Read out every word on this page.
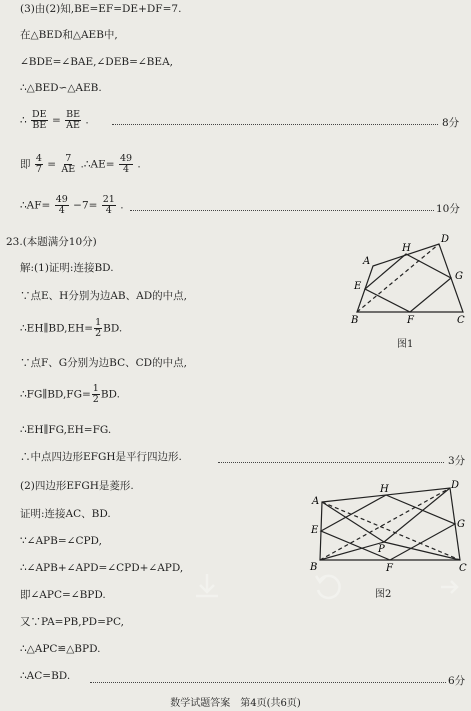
(3)由(2)知,BE=EF=DE+DF=7.
在△BED和△AEB中,
∠BDE=∠BAE,∠DEB=∠BEA,
∴△BED∽△AEB.
∴ $\frac{DE}{BE} = \frac{BE}{AE}$ .	8分
即 $\frac{4}{7} = \frac{7}{AE}$ .∴AE= $\frac{49}{4}$ .
∴AF= $\frac{49}{4} -7= \frac{21}{4}$ .	10分
23.(本题满分10分)
解:(1)证明:连接BD.
∵点E、H分别为边AB、AD的中点,
∴EH∥BD,EH= $\frac{1}{2}$ BD.
∵点F、G分别为边BC、CD的中点,
∴FG∥BD,FG= $\frac{1}{2}$ BD.
∴EH∥FG,EH=FG.
∴中点四边形EFGH是平行四边形.	3分
(2)四边形EFGH是菱形.
证明:连接AC、BD.
∵∠APB=∠CPD,
∴∠APB+∠APD=∠CPD+∠APD,
即∠APC=∠BPD.
又∵PA=PB,PD=PC,
∴△APC≌△BPD.
∴AC=BD.	6分
A
H
D
E
G
B	F	C
图1
A
H	D
E
G
P
B	F	C
图2
数学试题答案　第4页(共6页)
